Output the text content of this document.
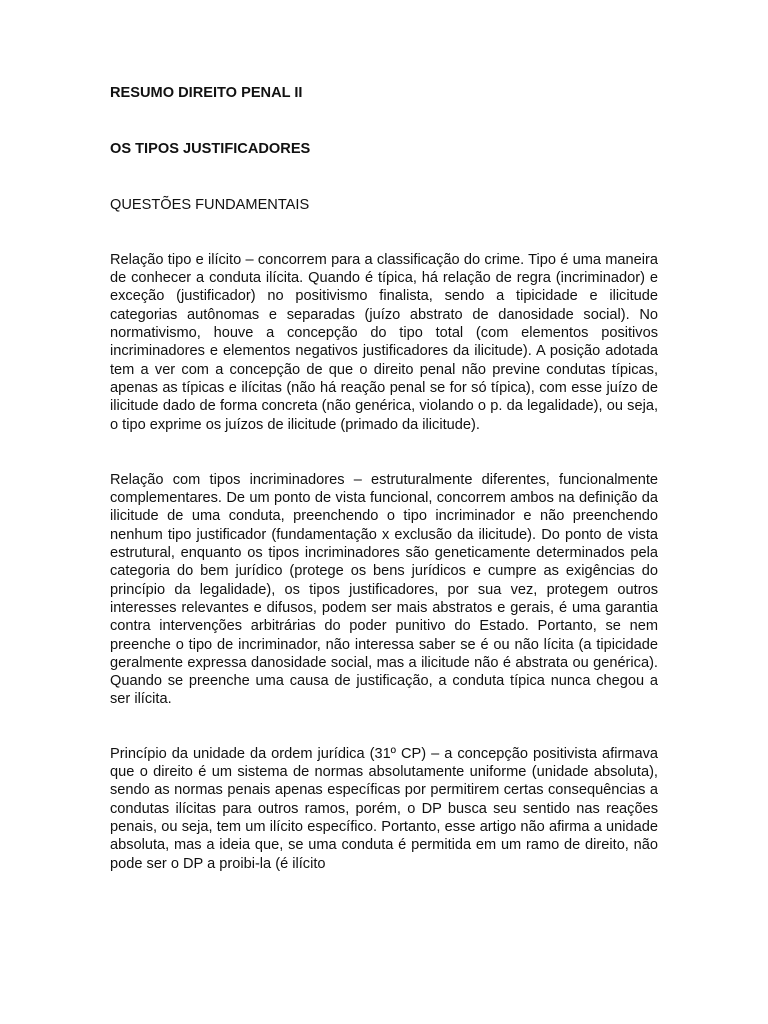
RESUMO DIREITO PENAL II

OS TIPOS JUSTIFICADORES

QUESTÕES FUNDAMENTAIS

Relação tipo e ilícito – concorrem para a classificação do crime. Tipo é uma maneira de conhecer a conduta ilícita. Quando é típica, há relação de regra (incriminador) e exceção (justificador) no positivismo finalista, sendo a tipicidade e ilicitude categorias autônomas e separadas (juízo abstrato de danosidade social). No normativismo, houve a concepção do tipo total (com elementos positivos incriminadores e elementos negativos justificadores da ilicitude). A posição adotada tem a ver com a concepção de que o direito penal não previne condutas típicas, apenas as típicas e ilícitas (não há reação penal se for só típica), com esse juízo de ilicitude dado de forma concreta (não genérica, violando o p. da legalidade), ou seja, o tipo exprime os juízos de ilicitude (primado da ilicitude).

Relação com tipos incriminadores – estruturalmente diferentes, funcionalmente complementares. De um ponto de vista funcional, concorrem ambos na definição da ilicitude de uma conduta, preenchendo o tipo incriminador e não preenchendo nenhum tipo justificador (fundamentação x exclusão da ilicitude). Do ponto de vista estrutural, enquanto os tipos incriminadores são geneticamente determinados pela categoria do bem jurídico (protege os bens jurídicos e cumpre as exigências do princípio da legalidade), os tipos justificadores, por sua vez, protegem outros interesses relevantes e difusos, podem ser mais abstratos e gerais, é uma garantia contra intervenções arbitrárias do poder punitivo do Estado. Portanto, se nem preenche o tipo de incriminador, não interessa saber se é ou não lícita (a tipicidade geralmente expressa danosidade social, mas a ilicitude não é abstrata ou genérica). Quando se preenche uma causa de justificação, a conduta típica nunca chegou a ser ilícita.

Princípio da unidade da ordem jurídica (31º CP) – a concepção positivista afirmava que o direito é um sistema de normas absolutamente uniforme (unidade absoluta), sendo as normas penais apenas específicas por permitirem certas consequências a condutas ilícitas para outros ramos, porém, o DP busca seu sentido nas reações penais, ou seja, tem um ilícito específico. Portanto, esse artigo não afirma a unidade absoluta, mas a ideia que, se uma conduta é permitida em um ramo de direito, não pode ser o DP a proibi-la (é ilícito
